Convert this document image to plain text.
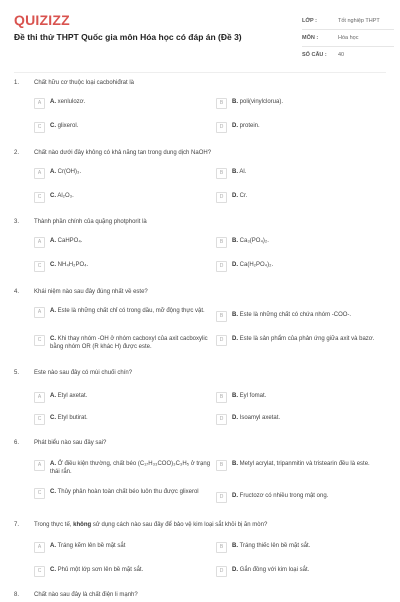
QUIZIZZ
Đề thi thử THPT Quốc gia môn Hóa học có đáp án (Đề 3)
LỚP :	Tốt nghiệp THPT
MÔN :	Hóa học
SỐ CÂU :	40
1.	Chất hữu cơ thuộc loại cacbohiđrat là
A	A. xenlulozơ.	B	B. poli(vinylclorua).
C	C. glixerol.	D	D. protein.
2.	Chất nào dưới đây không có khả năng tan trong dung dịch NaOH?
A	A. Cr(OH)₃.	B	B. Al.
C	C. Al₂O₃.	D	D. Cr.
3.	Thành phần chính của quặng photphorit là
A	A. CaHPO₄.	B	B. Ca₃(PO₄)₂.
C	C. NH₄H₂PO₄.	D	D. Ca(H₂PO₄)₂.
4.	Khái niệm nào sau đây đúng nhất về este?
A	A. Este là những chất chỉ có trong dầu, mỡ động thực vật.
B	B. Este là những chất có chứa nhóm -COO-.
C	C. Khi thay nhóm -OH ở nhóm cacboxyl của axit cacboxylic bằng nhóm OR (R khác H) được este.
D	D. Este là sản phẩm của phản ứng giữa axit và bazơ.
5.	Este nào sau đây có mùi chuối chín?
A	A. Etyl axetat.	B	B. Eyl fomat.
C	C. Etyl butirat.	D	D. Isoamyl axetat.
6.	Phát biểu nào sau đây sai?
A	A. Ở điều kiện thường, chất béo (C₁₇H₃₃COO)₃C₃H₅ ở trạng thái rắn.
B	B. Metyl acrylat, tripanmitin và tristearin đều là este.
C	C. Thủy phân hoàn toàn chất béo luôn thu được glixerol
D	D. Fructozơ có nhiều trong mật ong.
7.	Trong thực tế, không sử dụng cách nào sau đây để bảo vệ kim loại sắt khỏi bị ăn mòn?
A	A. Tráng kẽm lên bề mặt sắt	B	B. Tráng thiếc lên bề mặt sắt.
C	C. Phủ một lớp sơn lên bề mặt sắt.	D	D. Gắn đồng với kim loại sắt.
8.	Chất nào sau đây là chất điện li mạnh?
